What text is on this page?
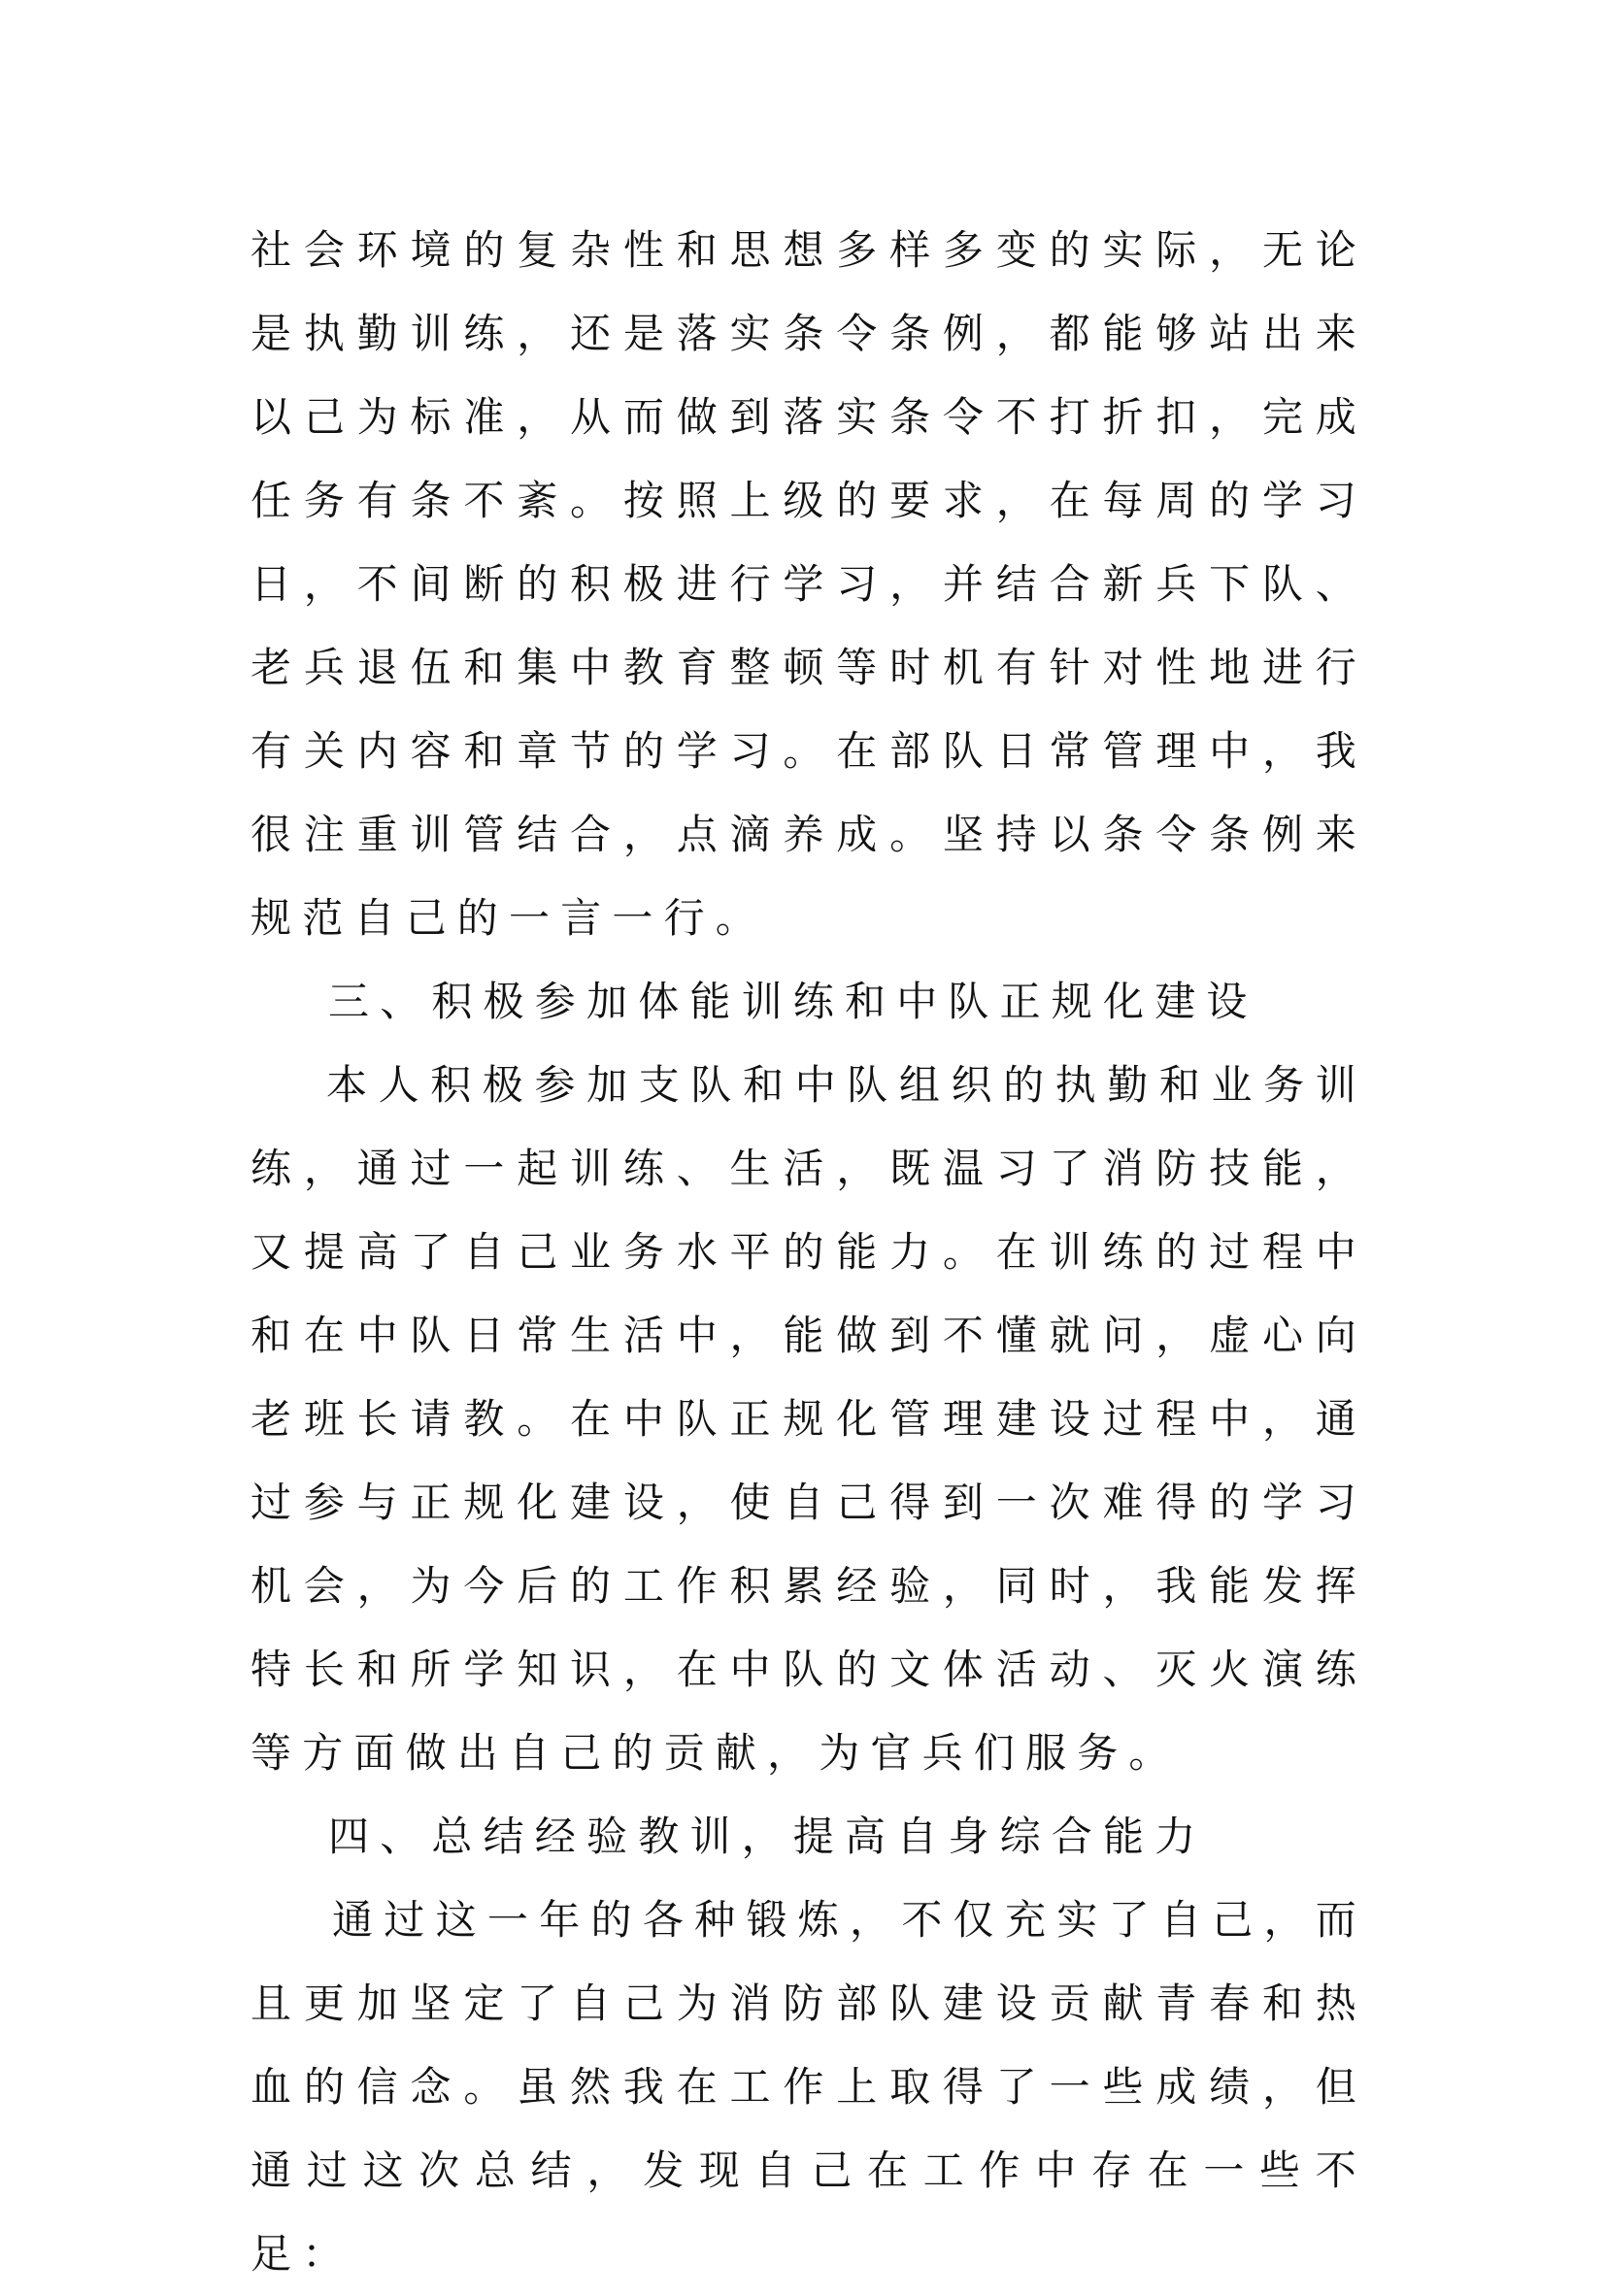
社会环境的复杂性和思想多样多变的实际，无论是执勤训练，还是落实条令条例，都能够站出来以己为标准，从而做到落实条令不打折扣，完成任务有条不紊。按照上级的要求，在每周的学习日，不间断的积极进行学习，并结合新兵下队、老兵退伍和集中教育整顿等时机有针对性地进行有关内容和章节的学习。在部队日常管理中，我很注重训管结合，点滴养成。坚持以条令条例来规范自己的一言一行。

三、积极参加体能训练和中队正规化建设

本人积极参加支队和中队组织的执勤和业务训练，通过一起训练、生活，既温习了消防技能，又提高了自己业务水平的能力。在训练的过程中和在中队日常生活中，能做到不懂就问，虚心向老班长请教。在中队正规化管理建设过程中，通过参与正规化建设，使自己得到一次难得的学习机会，为今后的工作积累经验，同时，我能发挥特长和所学知识，在中队的文体活动、灭火演练等方面做出自己的贡献，为官兵们服务。

四、总结经验教训，提高自身综合能力

通过这一年的各种锻炼，不仅充实了自己，而且更加坚定了自己为消防部队建设贡献青春和热血的信念。虽然我在工作上取得了一些成绩，但通过这次总结，发现自己在工作中存在一些不足：
